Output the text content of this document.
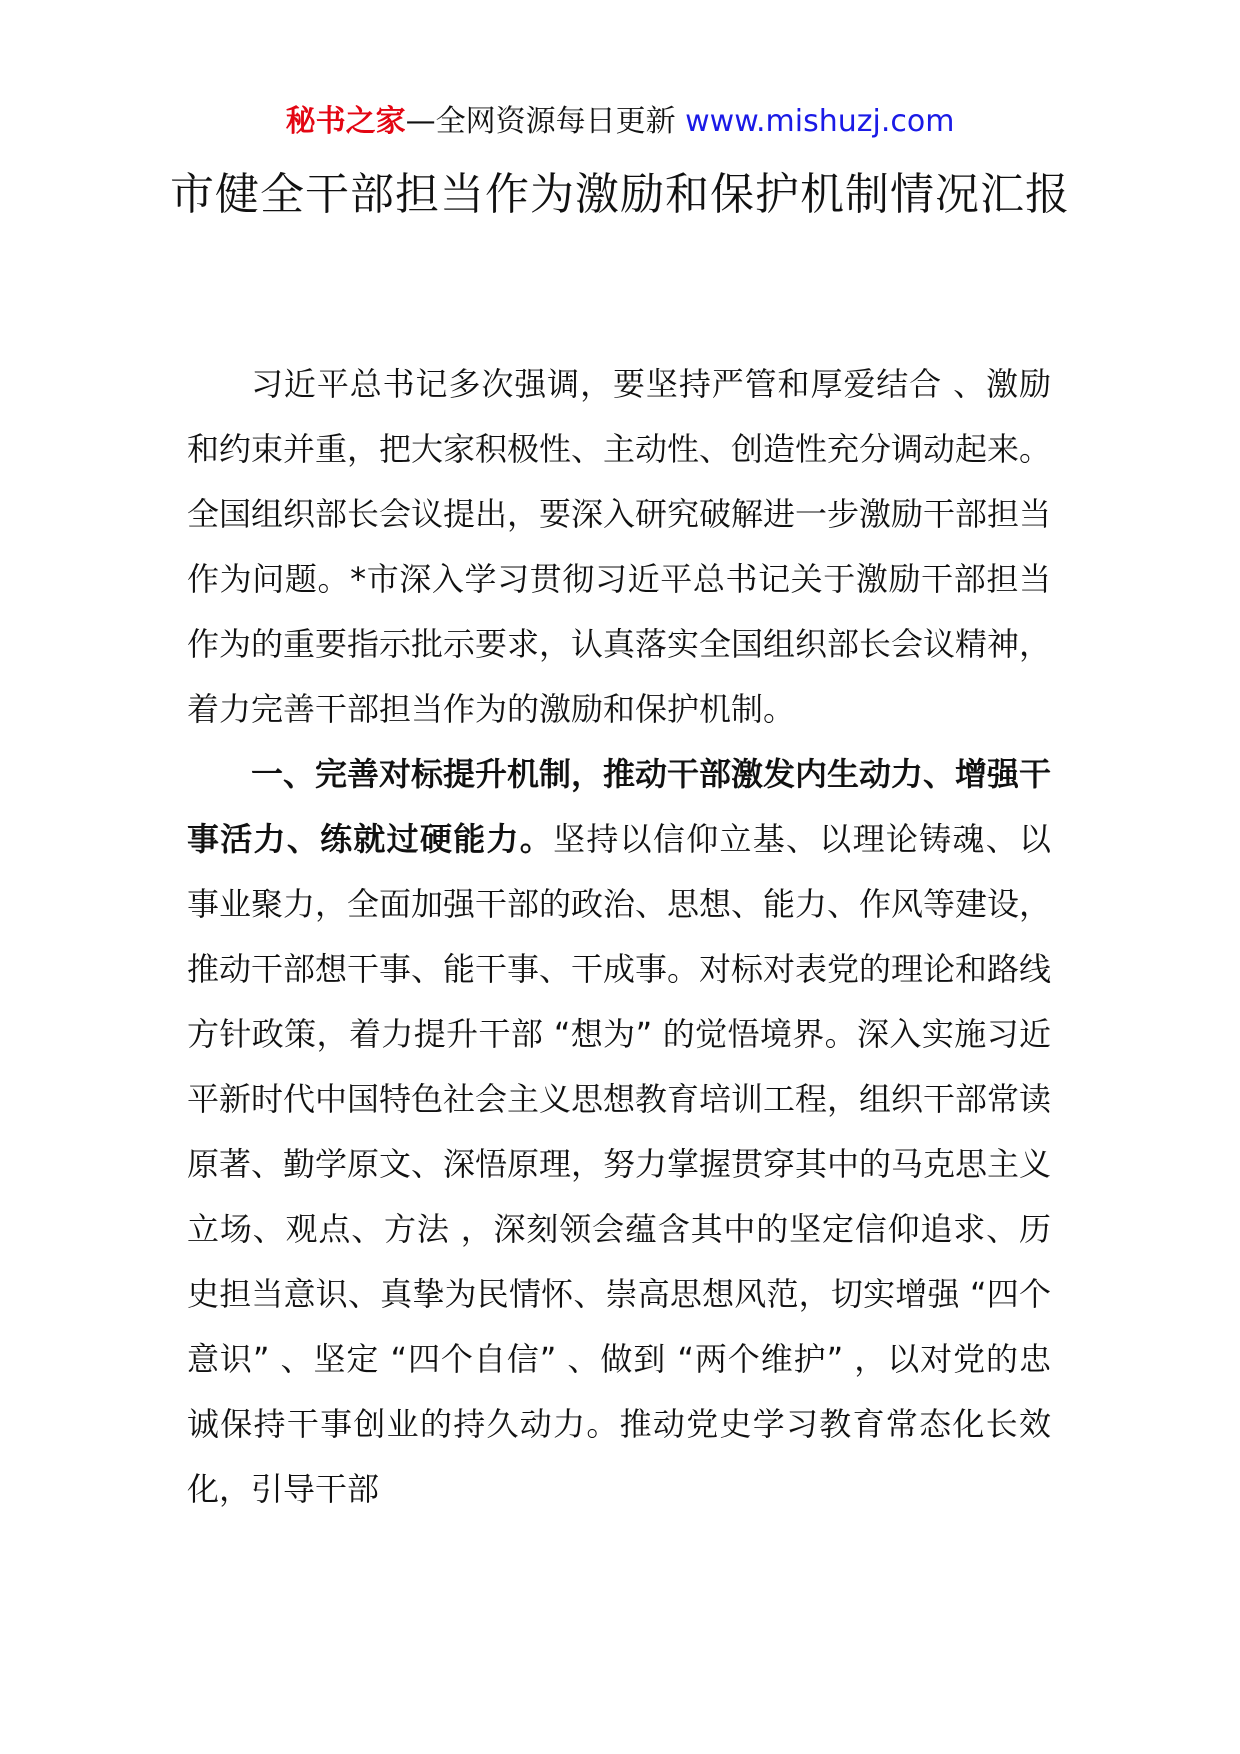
秘书之家—全网资源每日更新 www.mishuzj.com
市健全干部担当作为激励和保护机制情况汇报

习近平总书记多次强调，要坚持严管和厚爱结合 、激励和约束并重，把大家积极性、主动性、创造性充分调动起来。全国组织部长会议提出，要深入研究破解进一步激励干部担当作为问题。*市深入学习贯彻习近平总书记关于激励干部担当作为的重要指示批示要求，认真落实全国组织部长会议精神，着力完善干部担当作为的激励和保护机制。

一、完善对标提升机制，推动干部激发内生动力、增强干事活力、练就过硬能力。坚持以信仰立基、以理论铸魂、以事业聚力，全面加强干部的政治、思想、能力、作风等建设，推动干部想干事、能干事、干成事。对标对表党的理论和路线方针政策，着力提升干部 “想为” 的觉悟境界。深入实施习近平新时代中国特色社会主义思想教育培训工程，组织干部常读原著、勤学原文、深悟原理，努力掌握贯穿其中的马克思主义立场、观点、方法 ，深刻领会蕴含其中的坚定信仰追求、历史担当意识、真挚为民情怀、崇高思想风范，切实增强 “四个意识” 、坚定 “四个自信” 、做到 “两个维护” ，以对党的忠诚保持干事创业的持久动力。推动党史学习教育常态化长效化，引导干部
